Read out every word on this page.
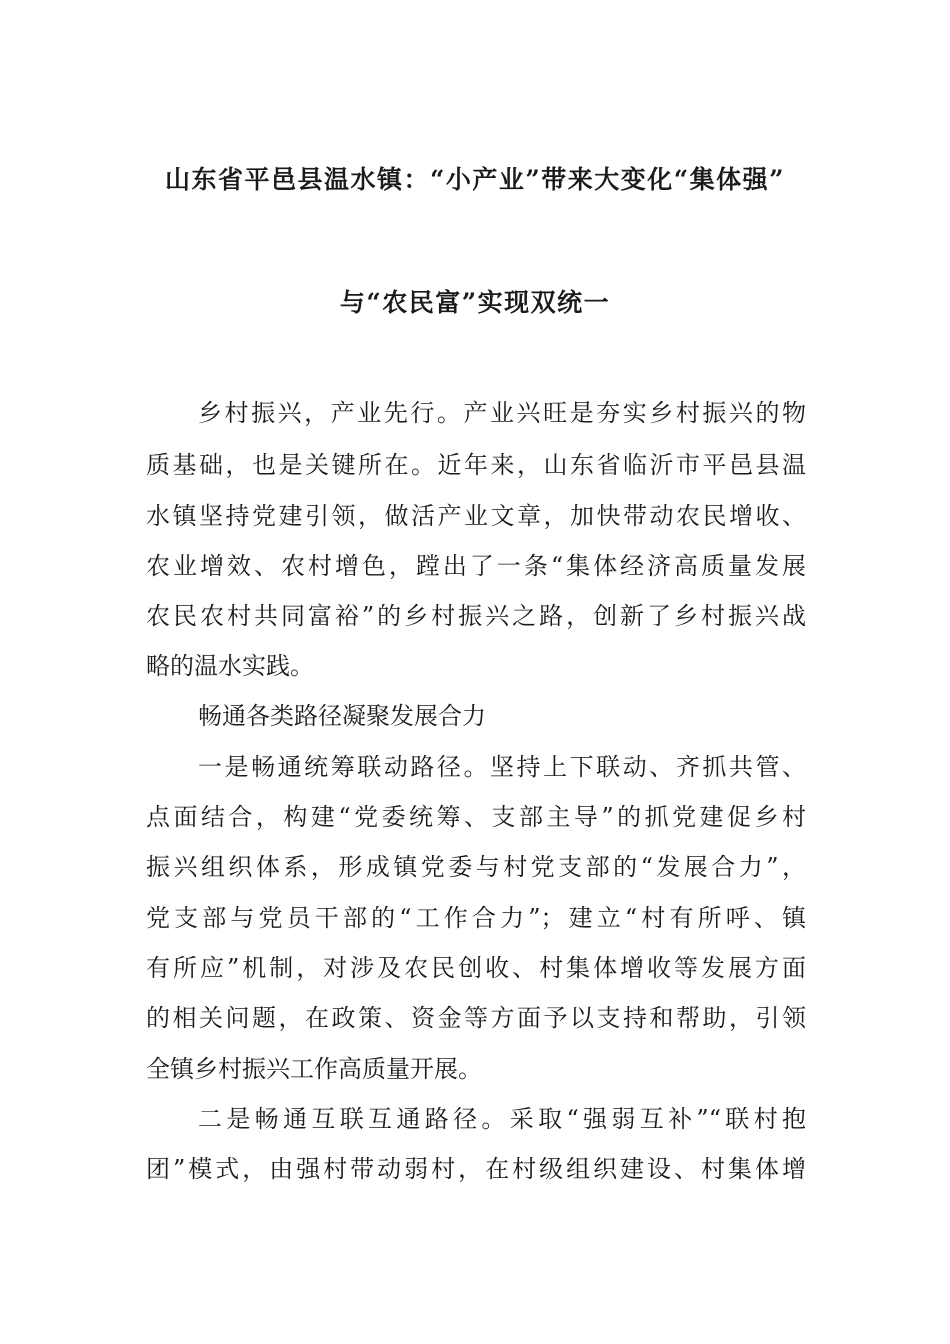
山东省平邑县温水镇：“小产业”带来大变化“集体强”
与“农民富”实现双统一
乡村振兴，产业先行。产业兴旺是夯实乡村振兴的物
质基础，也是关键所在。近年来，山东省临沂市平邑县温
水镇坚持党建引领，做活产业文章，加快带动农民增收、
农业增效、农村增色，蹚出了一条“集体经济高质量发展
农民农村共同富裕”的乡村振兴之路，创新了乡村振兴战
略的温水实践。
畅通各类路径凝聚发展合力
一是畅通统筹联动路径。坚持上下联动、齐抓共管、
点面结合，构建“党委统筹、支部主导”的抓党建促乡村
振兴组织体系，形成镇党委与村党支部的“发展合力”，
党支部与党员干部的“工作合力”；建立“村有所呼、镇
有所应”机制，对涉及农民创收、村集体增收等发展方面
的相关问题，在政策、资金等方面予以支持和帮助，引领
全镇乡村振兴工作高质量开展。
二是畅通互联互通路径。采取“强弱互补”“联村抱
团”模式，由强村带动弱村，在村级组织建设、村集体增
